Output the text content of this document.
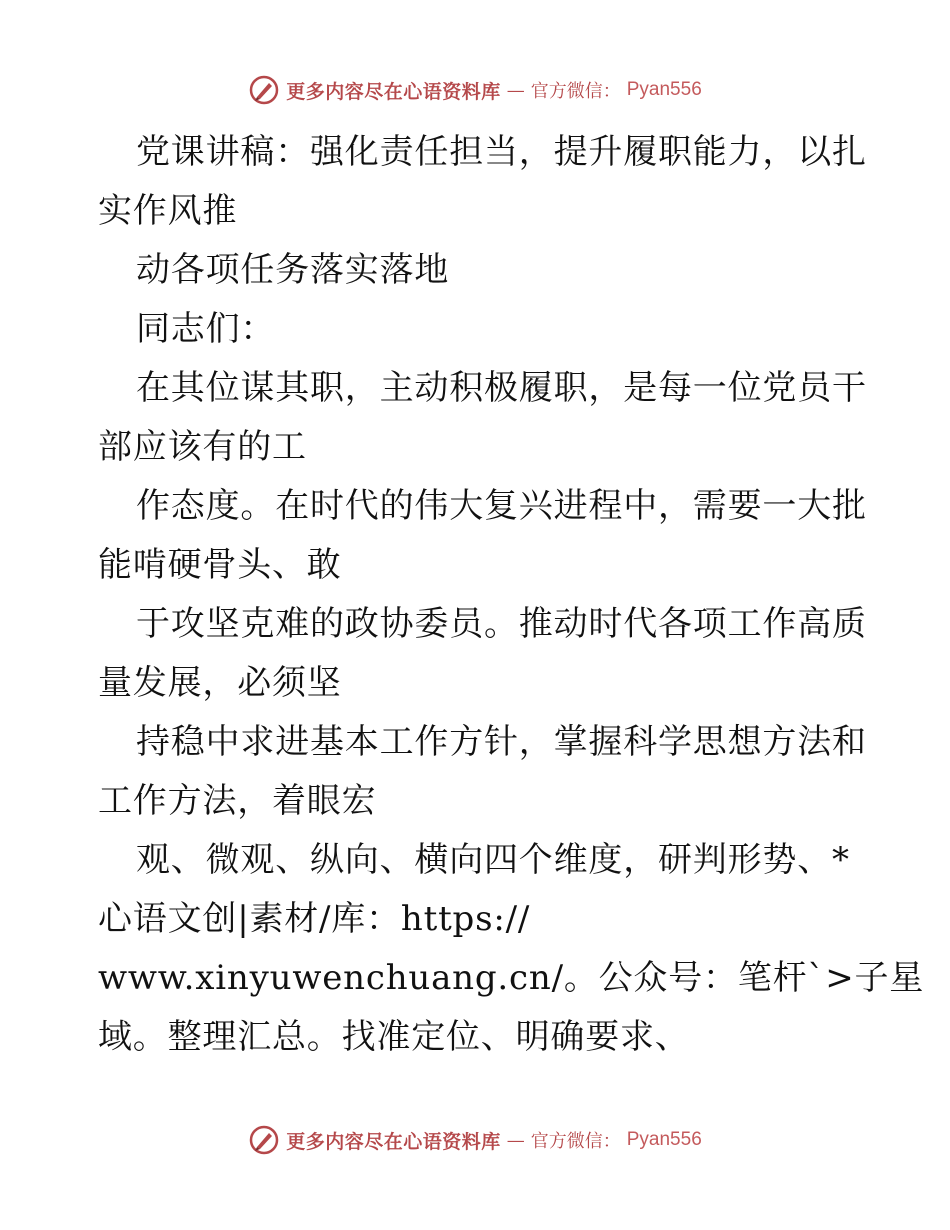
更多内容尽在心语资料库 — 官方微信： Pyan556
党课讲稿：强化责任担当，提升履职能力，以扎
实作风推
动各项任务落实落地
同志们：
在其位谋其职，主动积极履职，是每一位党员干
部应该有的工
作态度。在时代的伟大复兴进程中，需要一大批
能啃硬骨头、敢
于攻坚克难的政协委员。推动时代各项工作高质
量发展，必须坚
持稳中求进基本工作方针，掌握科学思想方法和
工作方法，着眼宏
观、微观、纵向、横向四个维度，研判形势、*
心语文创|素材/库：https://
www.xinyuwenchuang.cn/。公众号：笔杆`>子星
域。整理汇总。找准定位、明确要求、
更多内容尽在心语资料库 — 官方微信： Pyan556
